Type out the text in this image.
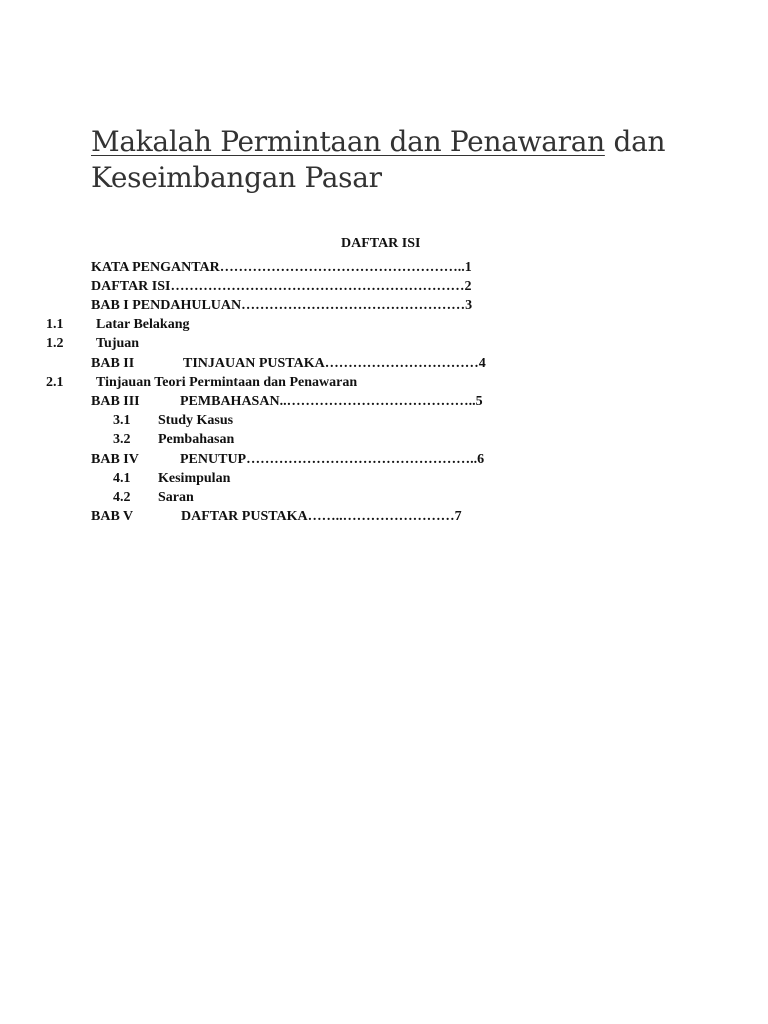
Makalah Permintaan dan Penawaran dan
Keseimbangan Pasar
DAFTAR ISI
KATA PENGANTAR……………………………………………..1
DAFTAR ISI………………………………………………………2
BAB I PENDAHULUAN…………………………………………3
1.1 Latar Belakang
1.2 Tujuan
BAB II	TINJAUAN PUSTAKA……………………………4
2.1 Tinjauan Teori Permintaan dan Penawaran
BAB III	PEMBAHASAN..…………………………………..5
3.1 Study Kasus
3.2 Pembahasan
BAB IV	PENUTUP…………………………………………..6
4.1 Kesimpulan
4.2 Saran
BAB V	DAFTAR PUSTAKA……..……………………7
